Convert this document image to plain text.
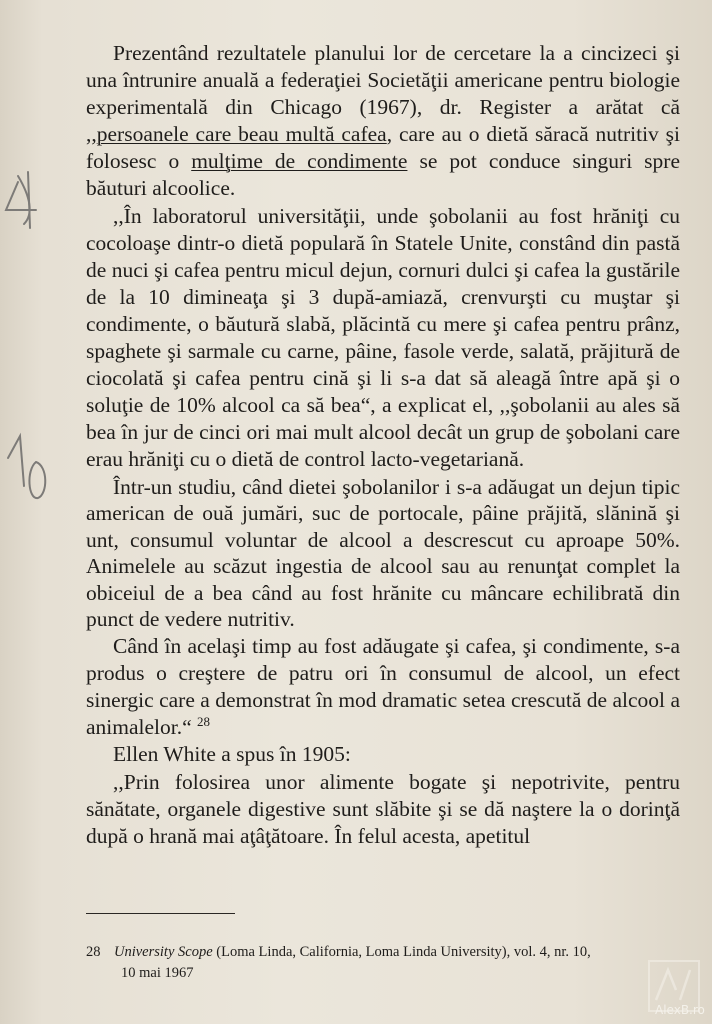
Prezentând rezultatele planului lor de cercetare la a cincizeci şi una întrunire anuală a federaţiei Societăţii americane pentru biologie experimentală din Chicago (1967), dr. Register a arătat că ,,persoanele care beau multă cafea, care au o dietă săracă nutritiv şi folosesc o mulţime de condimente se pot conduce singuri spre băuturi alcoolice.

,,În laboratorul universităţii, unde şobolanii au fost hrăniţi cu cocoloaşe dintr-o dietă populară în Statele Unite, constând din pastă de nuci şi cafea pentru micul dejun, cornuri dulci şi cafea la gustările de la 10 dimineaţa şi 3 după-amiază, crenvurşti cu muştar şi condimente, o băutură slabă, plăcintă cu mere şi cafea pentru prânz, spaghete şi sarmale cu carne, pâine, fasole verde, salată, prăjitură de ciocolată şi cafea pentru cină şi li s-a dat să aleagă între apă şi o soluţie de 10% alcool ca să bea“, a explicat el, ,,şobolanii au ales să bea în jur de cinci ori mai mult alcool decât un grup de şobolani care erau hrăniţi cu o dietă de control lacto-vegetariană.

Într-un studiu, când dietei şobolanilor i s-a adăugat un dejun tipic american de ouă jumări, suc de portocale, pâine prăjită, slănină şi unt, consumul voluntar de alcool a descrescut cu aproape 50%. Animelele au scăzut ingestia de alcool sau au renunţat complet la obiceiul de a bea când au fost hrănite cu mâncare echilibrată din punct de vedere nutritiv.

Când în acelaşi timp au fost adăugate şi cafea, şi condimente, s-a produs o creştere de patru ori în consumul de alcool, un efect sinergic care a demonstrat în mod dramatic setea crescută de alcool a animalelor.“ $^{28}$

Ellen White a spus în 1905:

,,Prin folosirea unor alimente bogate şi nepotrivite, pentru sănătate, organele digestive sunt slăbite şi se dă naştere la o dorinţă după o hrană mai aţâţătoare. În felul acesta, apetitul

28 University Scope (Loma Linda, California, Loma Linda University), vol. 4, nr. 10,
10 mai 1967
AlexB.ro
